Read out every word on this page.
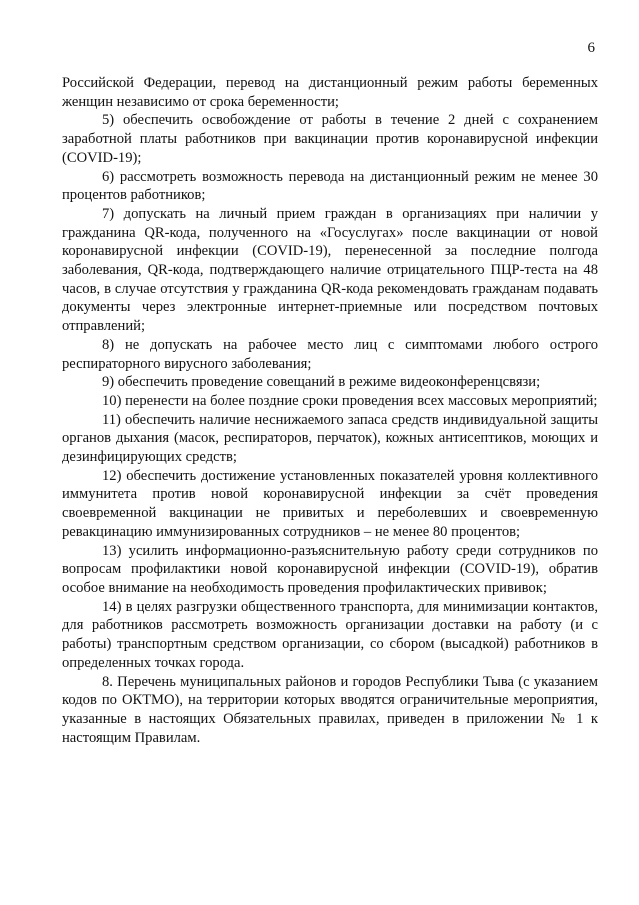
6

Российской Федерации, перевод на дистанционный режим работы беременных женщин независимо от срока беременности;

5) обеспечить освобождение от работы в течение 2 дней с сохранением заработной платы работников при вакцинации против коронавирусной инфекции (COVID-19);

6) рассмотреть возможность перевода на дистанционный режим не менее 30 процентов работников;

7) допускать на личный прием граждан в организациях при наличии у гражданина QR-кода, полученного на «Госуслугах» после вакцинации от новой коронавирусной инфекции (COVID-19), перенесенной за последние полгода заболевания, QR-кода, подтверждающего наличие отрицательного ПЦР-теста на 48 часов, в случае отсутствия у гражданина QR-кода рекомендовать гражданам подавать документы через электронные интернет-приемные или посредством почтовых отправлений;

8) не допускать на рабочее место лиц с симптомами любого острого респираторного вирусного заболевания;

9) обеспечить проведение совещаний в режиме видеоконференцсвязи;

10) перенести на более поздние сроки проведения всех массовых мероприятий;

11) обеспечить наличие неснижаемого запаса средств индивидуальной защиты органов дыхания (масок, респираторов, перчаток), кожных антисептиков, моющих и дезинфицирующих средств;

12) обеспечить достижение установленных показателей уровня коллективного иммунитета против новой коронавирусной инфекции за счёт проведения своевременной вакцинации не привитых и переболевших и своевременную ревакцинацию иммунизированных сотрудников – не менее 80 процентов;

13) усилить информационно-разъяснительную работу среди сотрудников по вопросам профилактики новой коронавирусной инфекции (COVID-19), обратив особое внимание на необходимость проведения профилактических прививок;

14) в целях разгрузки общественного транспорта, для минимизации контактов, для работников рассмотреть возможность организации доставки на работу (и с работы) транспортным средством организации, со сбором (высадкой) работников в определенных точках города.

8. Перечень муниципальных районов и городов Республики Тыва (с указанием кодов по ОКТМО), на территории которых вводятся ограничительные мероприятия, указанные в настоящих Обязательных правилах, приведен в приложении № 1 к настоящим Правилам.
